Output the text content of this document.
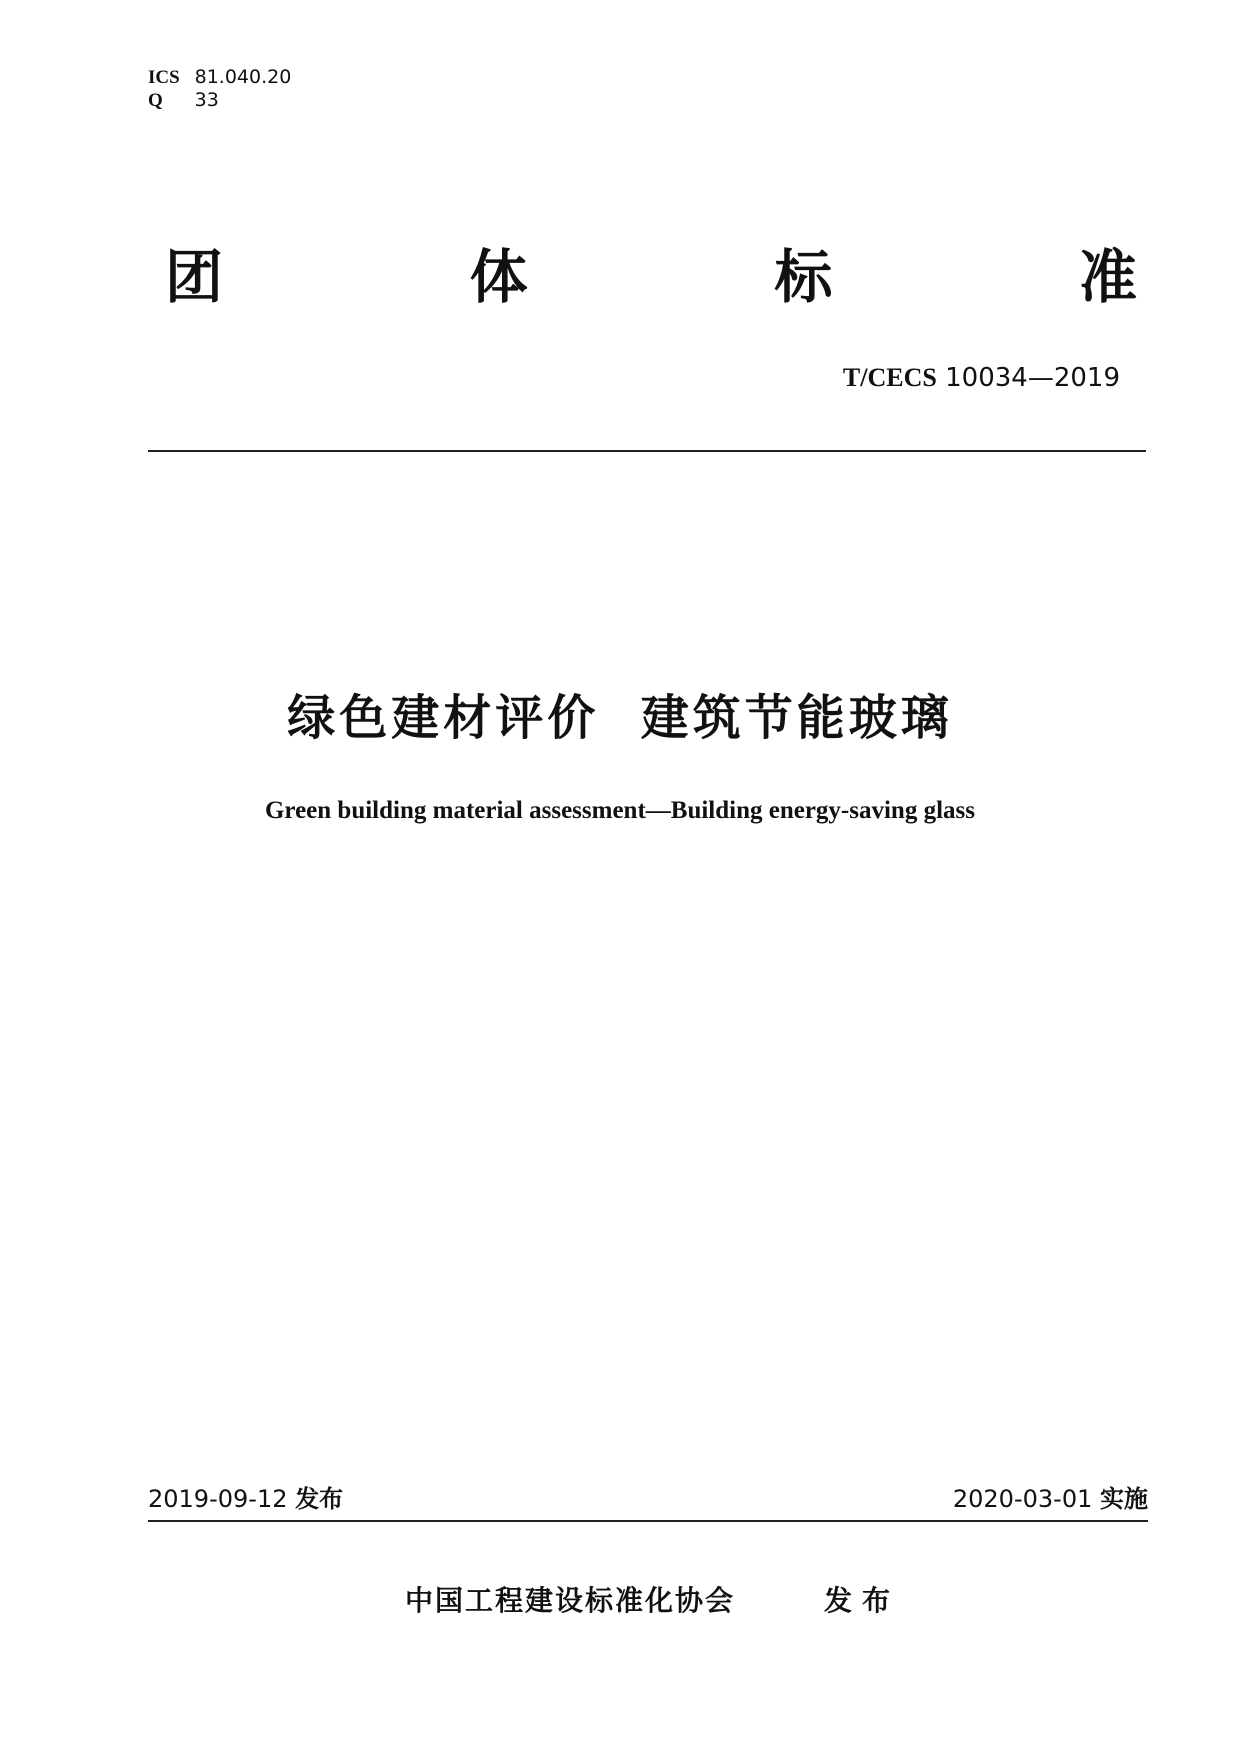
ICS 81.040.20
Q 33
团	体	标	准
T/CECS 10034—2019
绿色建材评价  建筑节能玻璃
Green building material assessment—Building energy-saving glass
2019-09-12 发布	2020-03-01 实施
中国工程建设标准化协会	发布
